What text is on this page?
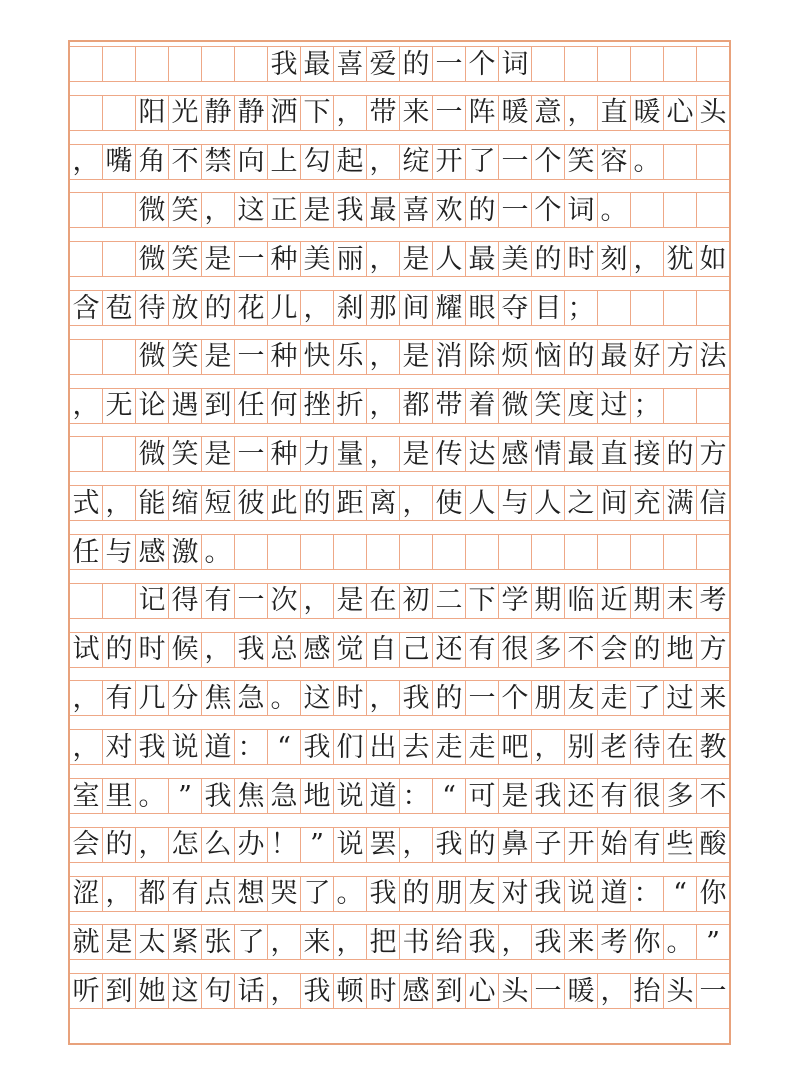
我 最 喜 爱 的 一 个 词
阳 光 静 静 洒 下 ， 带 来 一 阵 暖 意 ， 直 暖 心 头
， 嘴 角 不 禁 向 上 勾 起 ， 绽 开 了 一 个 笑 容 。
微 笑 ， 这 正 是 我 最 喜 欢 的 一 个 词 。
微 笑 是 一 种 美 丽 ， 是 人 最 美 的 时 刻 ， 犹 如
含 苞 待 放 的 花 儿 ， 刹 那 间 耀 眼 夺 目 ；
微 笑 是 一 种 快 乐 ， 是 消 除 烦 恼 的 最 好 方 法
， 无 论 遇 到 任 何 挫 折 ， 都 带 着 微 笑 度 过 ；
微 笑 是 一 种 力 量 ， 是 传 达 感 情 最 直 接 的 方
式 ， 能 缩 短 彼 此 的 距 离 ， 使 人 与 人 之 间 充 满 信
任 与 感 激 。
记 得 有 一 次 ， 是 在 初 二 下 学 期 临 近 期 末 考
试 的 时 候 ， 我 总 感 觉 自 己 还 有 很 多 不 会 的 地 方
， 有 几 分 焦 急 。 这 时 ， 我 的 一 个 朋 友 走 了 过 来
， 对 我 说 道 ： “ 我 们 出 去 走 走 吧 ， 别 老 待 在 教
室 里 。 ” 我 焦 急 地 说 道 ： “ 可 是 我 还 有 很 多 不
会 的 ， 怎 么 办 ！ ” 说 罢 ， 我 的 鼻 子 开 始 有 些 酸
涩 ， 都 有 点 想 哭 了 。 我 的 朋 友 对 我 说 道 ： “ 你
就 是 太 紧 张 了 ， 来 ， 把 书 给 我 ， 我 来 考 你 。 ”
听 到 她 这 句 话 ， 我 顿 时 感 到 心 头 一 暖 ， 抬 头 一
